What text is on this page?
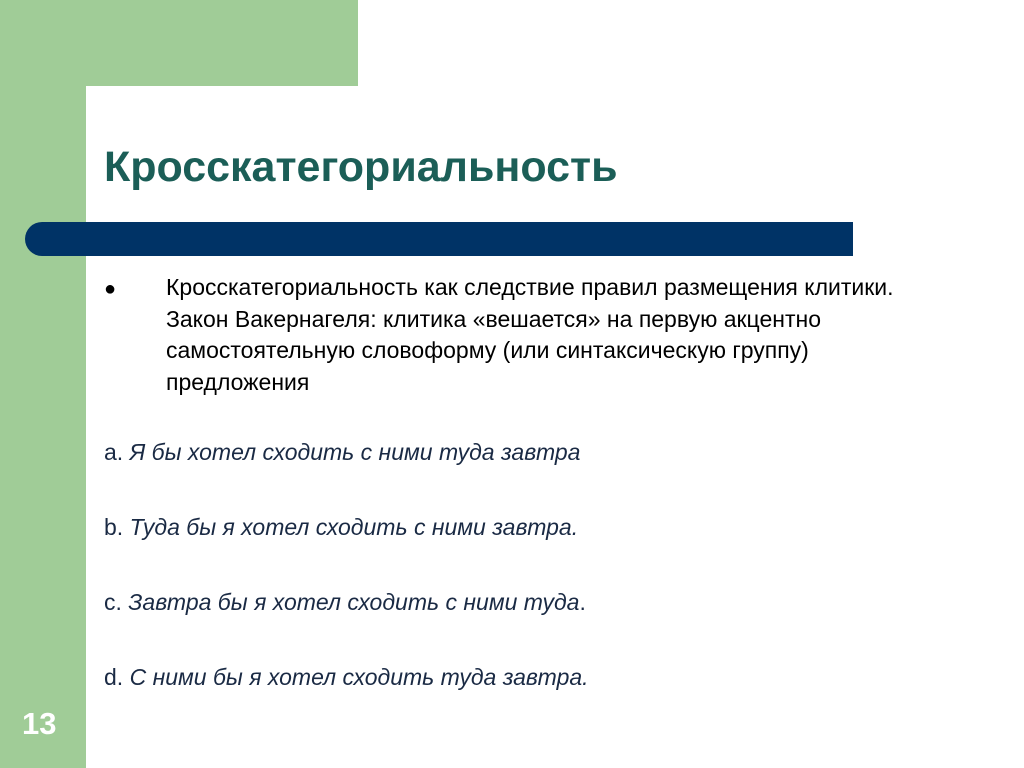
Кросскатегориальность
● Кросскатегориальность как следствие правил размещения клитики. Закон Вакернагеля: клитика «вешается» на первую акцентно самостоятельную словоформу (или синтаксическую группу) предложения
a. Я бы хотел сходить с ними туда завтра
b. Туда бы я хотел сходить с ними завтра.
c. Завтра бы я хотел сходить с ними туда.
d. С ними бы я хотел сходить туда завтра.
13
